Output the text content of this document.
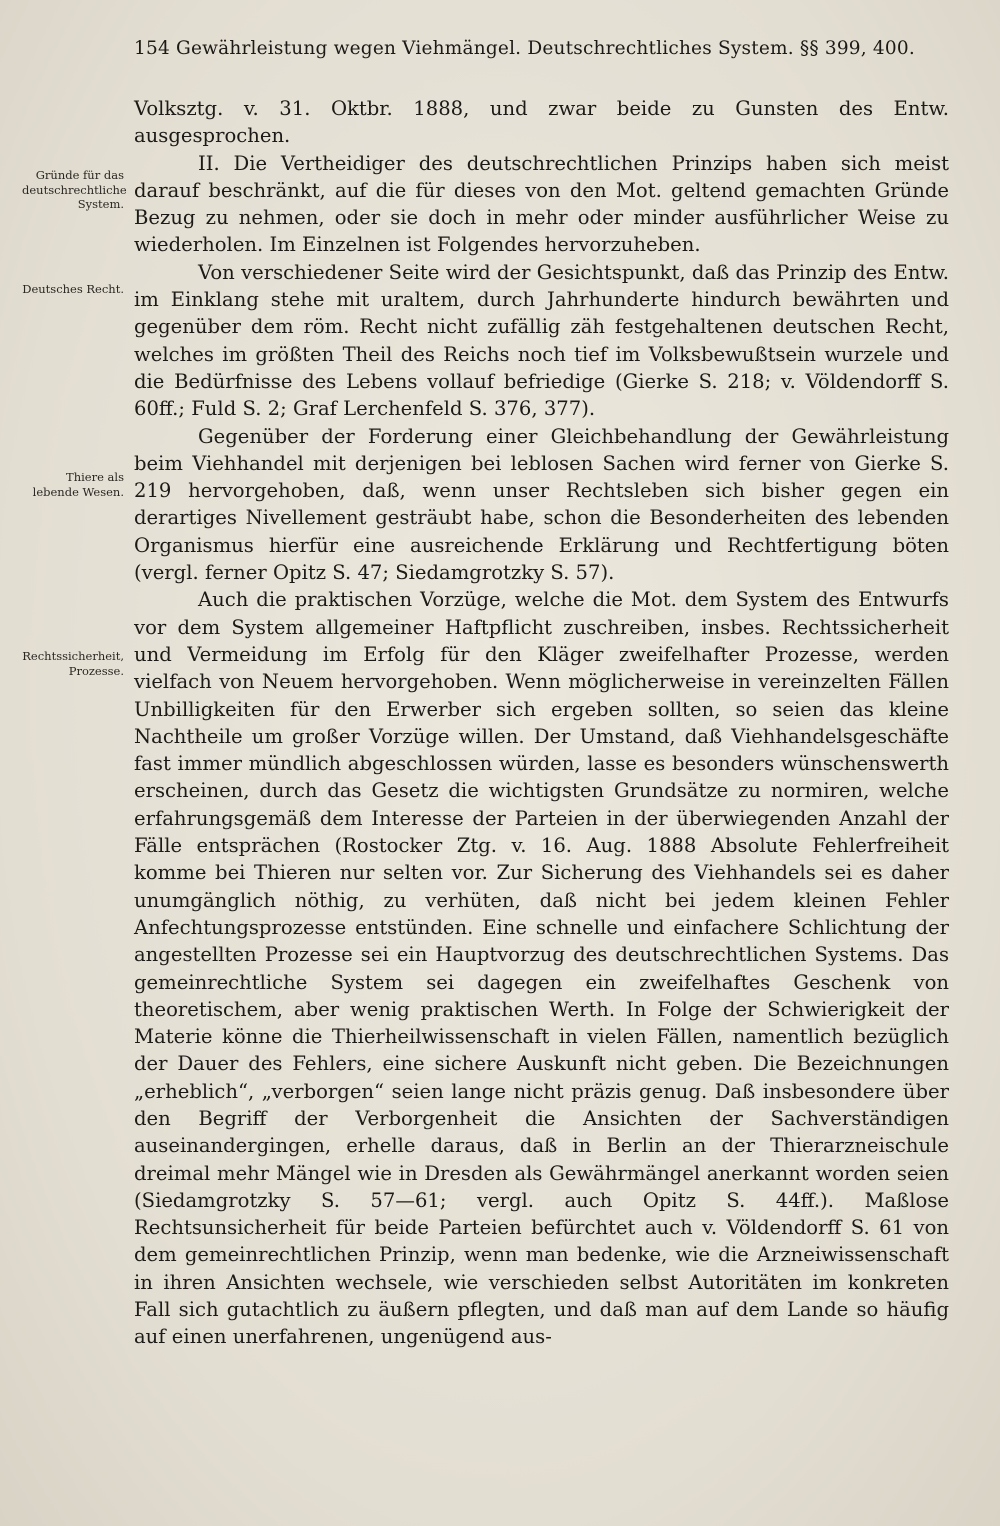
154 Gewährleistung wegen Viehmängel. Deutschrechtliches System. §§ 399, 400.
Gründe für das deutschrechtliche System.
Deutsches Recht.
Thiere als lebende Wesen.
Rechtssicherheit, Prozesse.

Volksztg. v. 31. Oktbr. 1888, und zwar beide zu Gunsten des Entw. ausgesprochen.

II. Die Vertheidiger des deutschrechtlichen Prinzips haben sich meist darauf beschränkt, auf die für dieses von den Mot. geltend gemachten Gründe Bezug zu nehmen, oder sie doch in mehr oder minder ausführlicher Weise zu wiederholen. Im Einzelnen ist Folgendes hervorzuheben.

Von verschiedener Seite wird der Gesichtspunkt, daß das Prinzip des Entw. im Einklang stehe mit uraltem, durch Jahrhunderte hindurch bewährten und gegenüber dem röm. Recht nicht zufällig zäh festgehaltenen deutschen Recht, welches im größten Theil des Reichs noch tief im Volksbewußtsein wurzele und die Bedürfnisse des Lebens vollauf befriedige (Gierke S. 218; v. Völdendorff S. 60ff.; Fuld S. 2; Graf Lerchenfeld S. 376, 377).

Gegenüber der Forderung einer Gleichbehandlung der Gewährleistung beim Viehhandel mit derjenigen bei leblosen Sachen wird ferner von Gierke S. 219 hervorgehoben, daß, wenn unser Rechtsleben sich bisher gegen ein derartiges Nivellement gesträubt habe, schon die Besonderheiten des lebenden Organismus hierfür eine ausreichende Erklärung und Rechtfertigung böten (vergl. ferner Opitz S. 47; Siedamgrotzky S. 57).

Auch die praktischen Vorzüge, welche die Mot. dem System des Entwurfs vor dem System allgemeiner Haftpflicht zuschreiben, insbes. Rechtssicherheit und Vermeidung im Erfolg für den Kläger zweifelhafter Prozesse, werden vielfach von Neuem hervorgehoben. Wenn möglicherweise in vereinzelten Fällen Unbilligkeiten für den Erwerber sich ergeben sollten, so seien das kleine Nachtheile um großer Vorzüge willen. Der Umstand, daß Viehhandelsgeschäfte fast immer mündlich abgeschlossen würden, lasse es besonders wünschenswerth erscheinen, durch das Gesetz die wichtigsten Grundsätze zu normiren, welche erfahrungsgemäß dem Interesse der Parteien in der überwiegenden Anzahl der Fälle entsprächen (Rostocker Ztg. v. 16. Aug. 1888 Absolute Fehlerfreiheit komme bei Thieren nur selten vor. Zur Sicherung des Viehhandels sei es daher unumgänglich nöthig, zu verhüten, daß nicht bei jedem kleinen Fehler Anfechtungsprozesse entstünden. Eine schnelle und einfachere Schlichtung der angestellten Prozesse sei ein Hauptvorzug des deutschrechtlichen Systems. Das gemeinrechtliche System sei dagegen ein zweifelhaftes Geschenk von theoretischem, aber wenig praktischen Werth. In Folge der Schwierigkeit der Materie könne die Thierheilwissenschaft in vielen Fällen, namentlich bezüglich der Dauer des Fehlers, eine sichere Auskunft nicht geben. Die Bezeichnungen „erheblich“, „verborgen“ seien lange nicht präzis genug. Daß insbesondere über den Begriff der Verborgenheit die Ansichten der Sachverständigen auseinandergingen, erhelle daraus, daß in Berlin an der Thierarzneischule dreimal mehr Mängel wie in Dresden als Gewährmängel anerkannt worden seien (Siedamgrotzky S. 57—61; vergl. auch Opitz S. 44ff.). Maßlose Rechtsunsicherheit für beide Parteien befürchtet auch v. Völdendorff S. 61 von dem gemeinrechtlichen Prinzip, wenn man bedenke, wie die Arzneiwissenschaft in ihren Ansichten wechsele, wie verschieden selbst Autoritäten im konkreten Fall sich gutachtlich zu äußern pflegten, und daß man auf dem Lande so häufig auf einen unerfahrenen, ungenügend aus-
